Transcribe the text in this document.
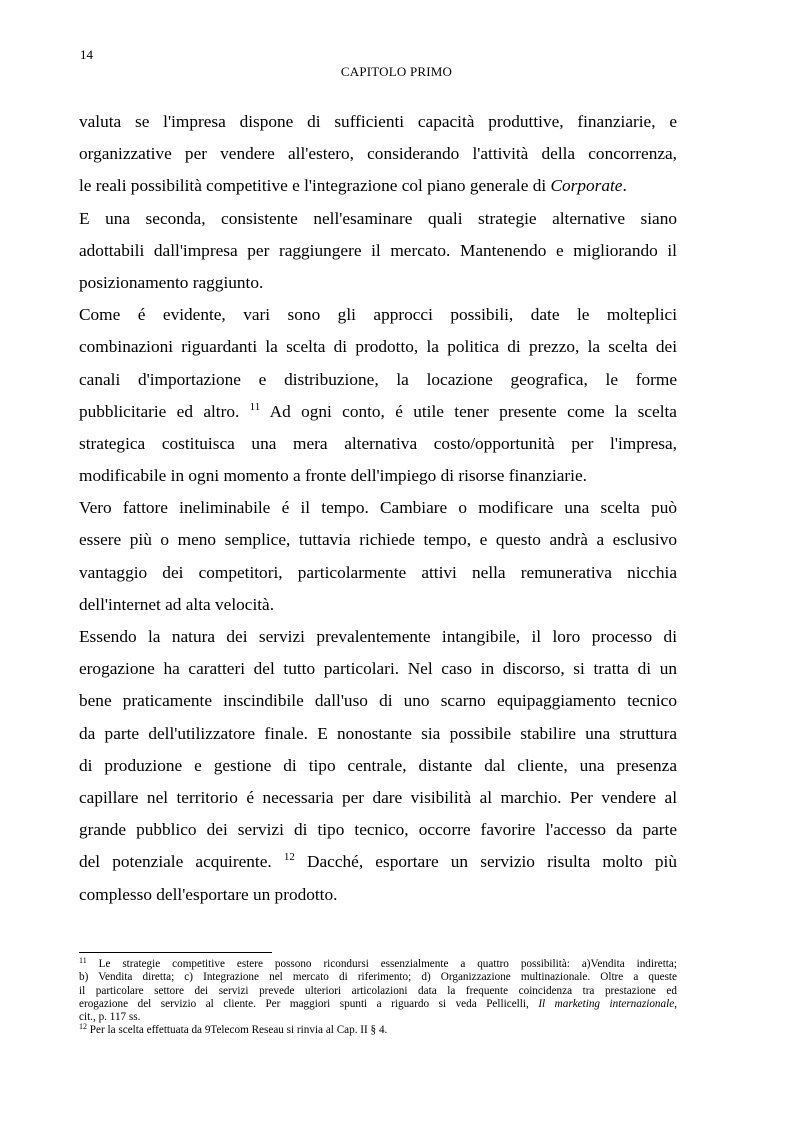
14
CAPITOLO PRIMO
valuta se l'impresa dispone di sufficienti capacità produttive, finanziarie, e
organizzative per vendere all'estero, considerando l'attività della concorrenza,
le reali possibilità competitive e l'integrazione col piano generale di Corporate.
E una seconda, consistente nell'esaminare quali strategie alternative siano
adottabili dall'impresa per raggiungere il mercato. Mantenendo e migliorando il
posizionamento raggiunto.
Come é evidente, vari sono gli approcci possibili, date le molteplici
combinazioni riguardanti la scelta di prodotto, la politica di prezzo, la scelta dei
canali d'importazione e distribuzione, la locazione geografica, le forme
pubblicitarie ed altro. $^{11}$ Ad ogni conto, é utile tener presente come la scelta
strategica costituisca una mera alternativa costo/opportunità per l'impresa,
modificabile in ogni momento a fronte dell'impiego di risorse finanziarie.
Vero fattore ineliminabile é il tempo. Cambiare o modificare una scelta può
essere più o meno semplice, tuttavia richiede tempo, e questo andrà a esclusivo
vantaggio dei competitori, particolarmente attivi nella remunerativa nicchia
dell'internet ad alta velocità.
Essendo la natura dei servizi prevalentemente intangibile, il loro processo di
erogazione ha caratteri del tutto particolari. Nel caso in discorso, si tratta di un
bene praticamente inscindibile dall'uso di uno scarno equipaggiamento tecnico
da parte dell'utilizzatore finale. E nonostante sia possibile stabilire una struttura
di produzione e gestione di tipo centrale, distante dal cliente, una presenza
capillare nel territorio é necessaria per dare visibilità al marchio. Per vendere al
grande pubblico dei servizi di tipo tecnico, occorre favorire l'accesso da parte
del potenziale acquirente. $^{12}$ Dacché, esportare un servizio risulta molto più
complesso dell'esportare un prodotto.
$^{11}$ Le strategie competitive estere possono ricondursi essenzialmente a quattro possibilità: a)Vendita indiretta;
b) Vendita diretta; c) Integrazione nel mercato di riferimento; d) Organizzazione multinazionale. Oltre a queste
il particolare settore dei servizi prevede ulteriori articolazioni data la frequente coincidenza tra prestazione ed
erogazione del servizio al cliente. Per maggiori spunti a riguardo si veda Pellicelli, Il marketing internazionale,
cit., p. 117 ss.
$^{12}$ Per la scelta effettuata da 9Telecom Reseau si rinvia al Cap. II § 4.
